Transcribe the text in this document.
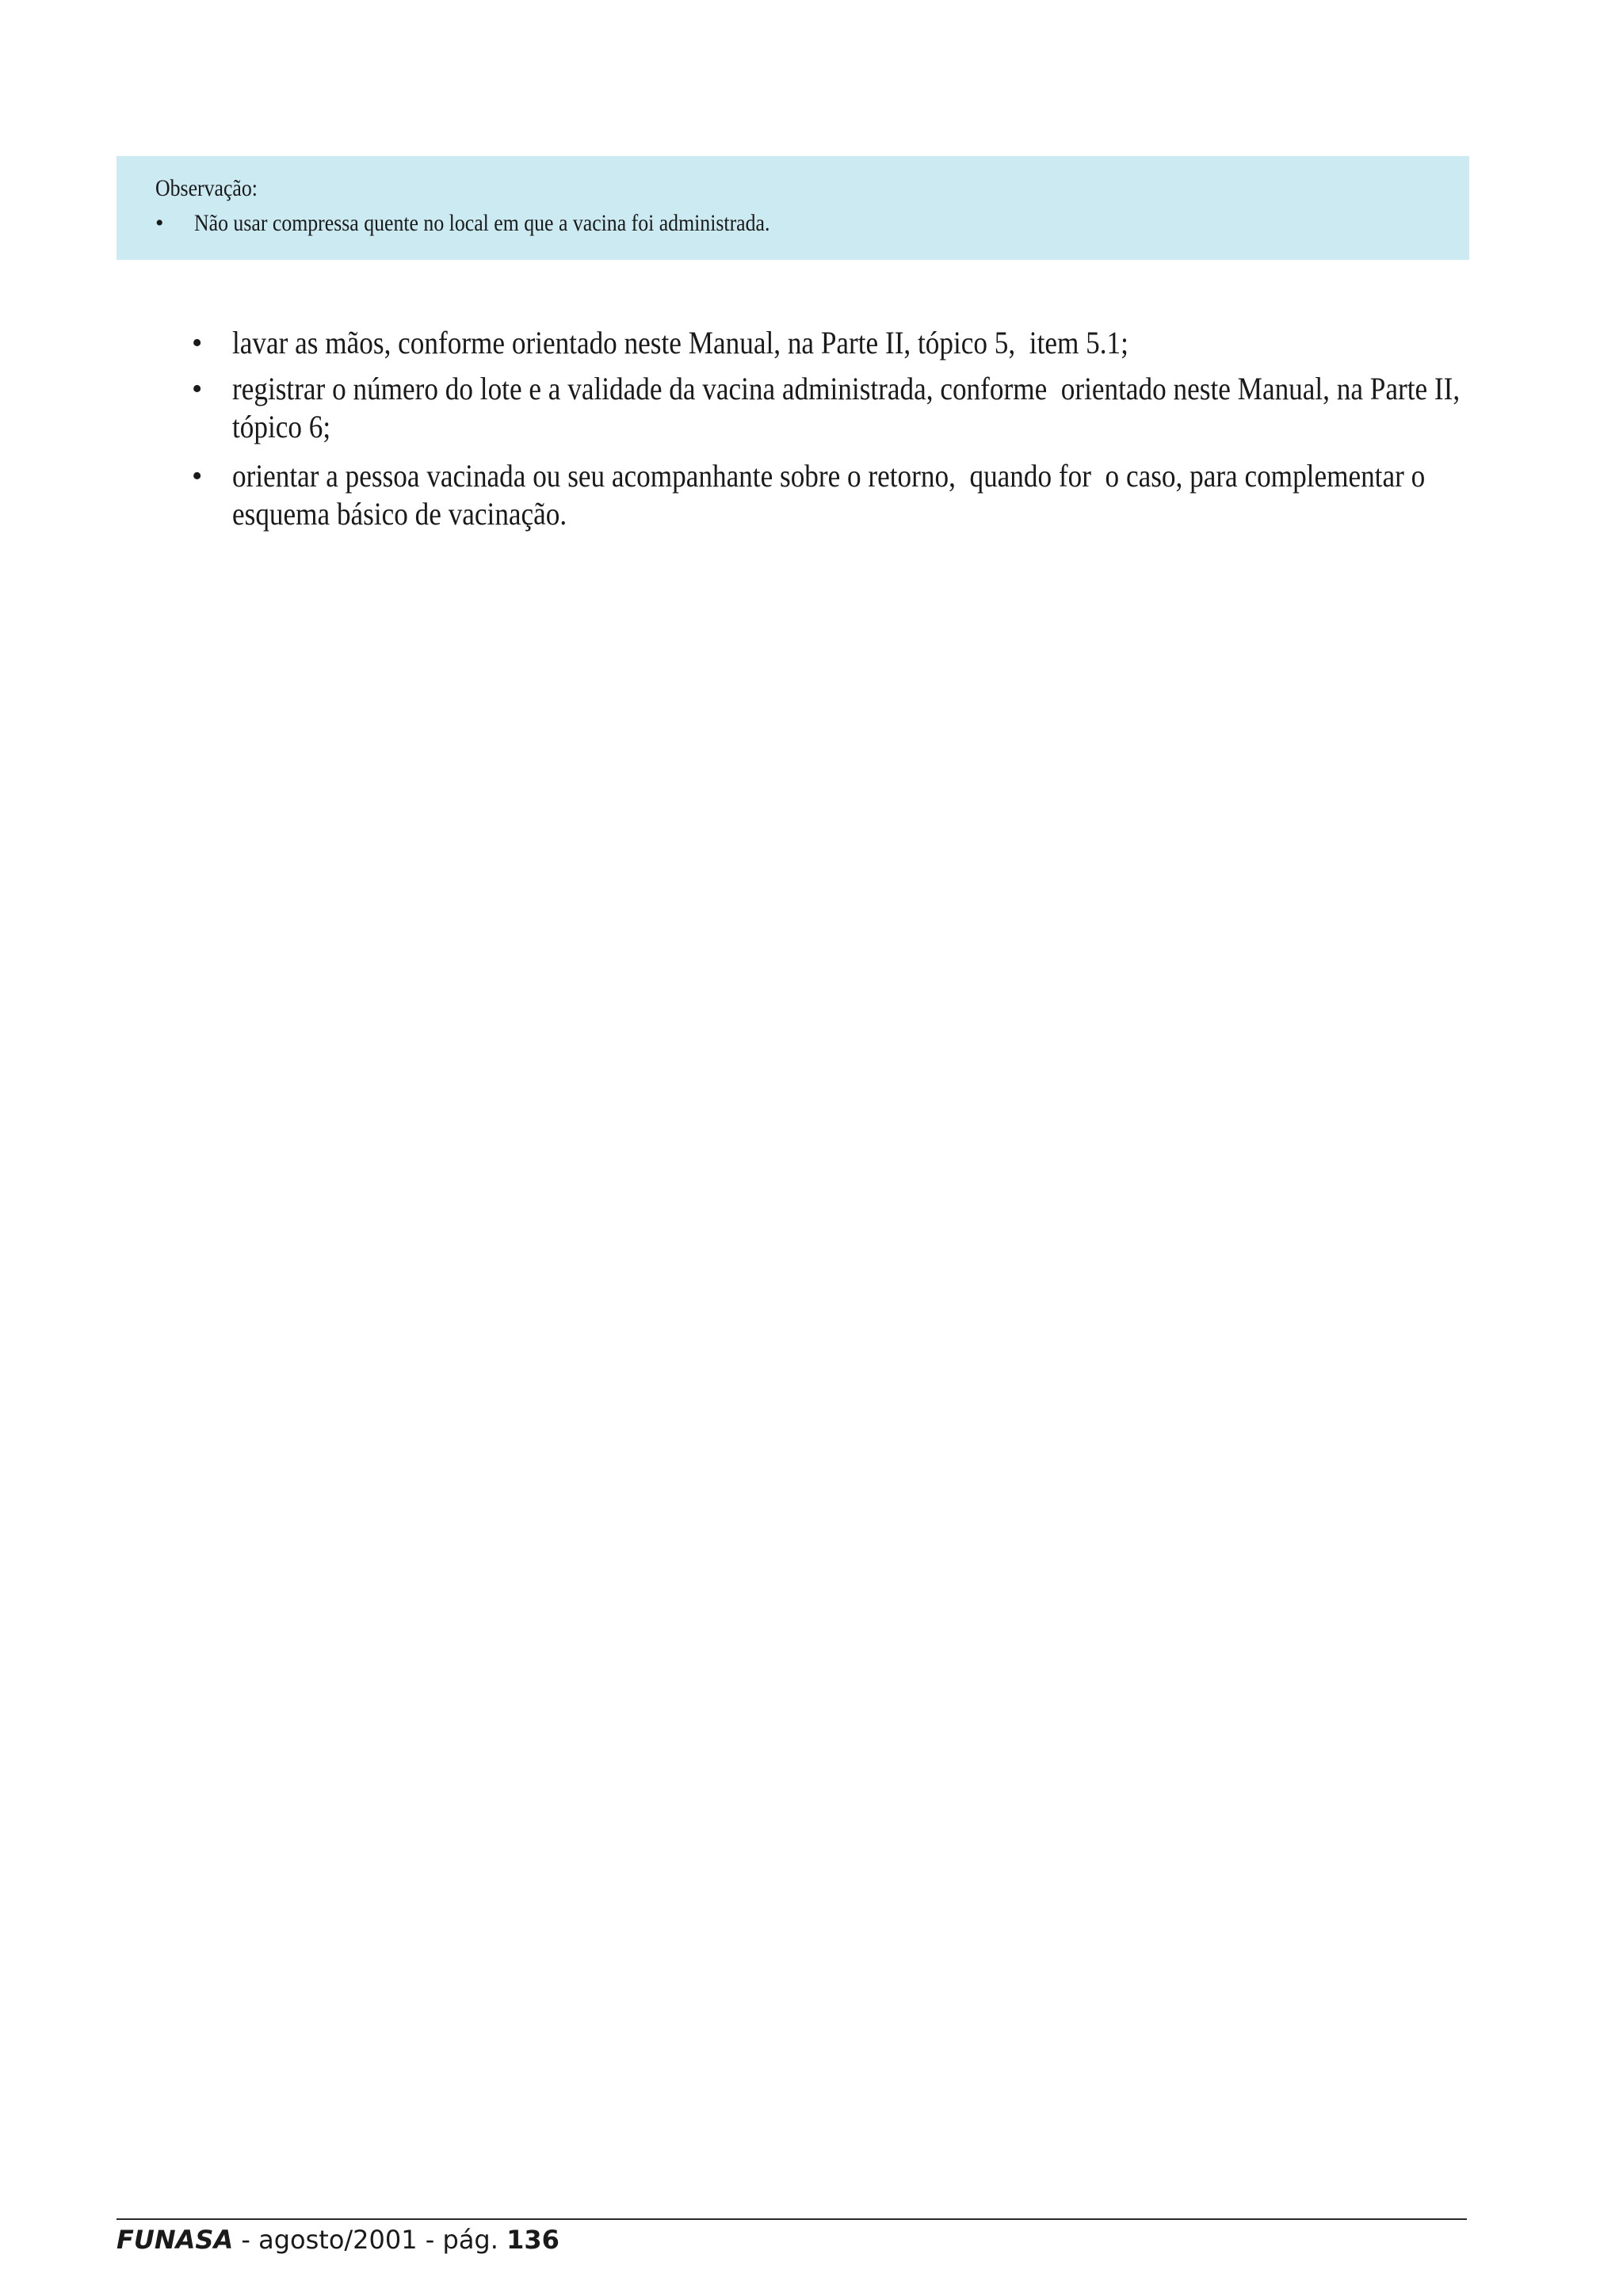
Observação:

• Não usar compressa quente no local em que a vacina foi administrada.
• lavar as mãos, conforme orientado neste Manual, na Parte II, tópico 5,  item 5.1;
• registrar o número do lote e a validade da vacina administrada, conforme  orientado neste Manual, na Parte II,
tópico 6;
• orientar a pessoa vacinada ou seu acompanhante sobre o retorno,  quando for  o caso, para complementar o
esquema básico de vacinação.
FUNASA - agosto/2001 - pág. 136
